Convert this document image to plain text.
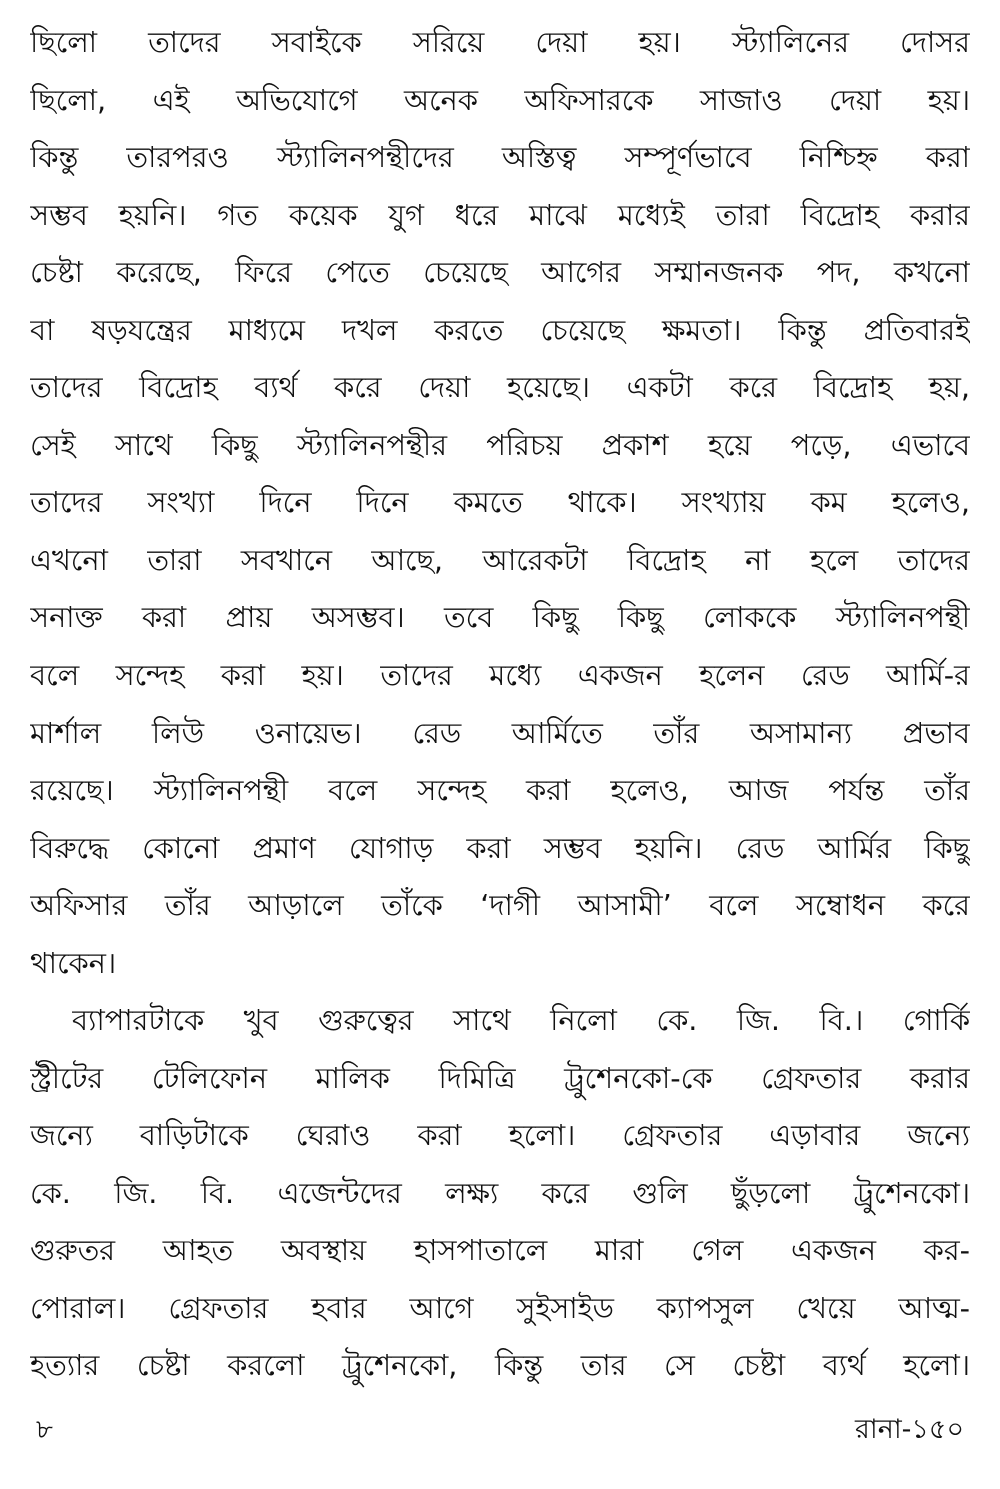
ছিলো তাদের সবাইকে সরিয়ে দেয়া হয়। স্ট্যালিনের দোসর
ছিলো, এই অভিযোগে অনেক অফিসারকে সাজাও দেয়া হয়।
কিন্তু তারপরও স্ট্যালিনপন্থীদের অস্তিত্ব সম্পূর্ণভাবে নিশ্চিহ্ন করা
সম্ভব হয়নি। গত কয়েক যুগ ধরে মাঝে মধ্যেই তারা বিদ্রোহ করার
চেষ্টা করেছে, ফিরে পেতে চেয়েছে আগের সম্মানজনক পদ, কখনো
বা ষড়যন্ত্রের মাধ্যমে দখল করতে চেয়েছে ক্ষমতা। কিন্তু প্রতিবারই
তাদের বিদ্রোহ ব্যর্থ করে দেয়া হয়েছে। একটা করে বিদ্রোহ হয়,
সেই সাথে কিছু স্ট্যালিনপন্থীর পরিচয় প্রকাশ হয়ে পড়ে, এভাবে
তাদের সংখ্যা দিনে দিনে কমতে থাকে। সংখ্যায় কম হলেও,
এখনো তারা সবখানে আছে, আরেকটা বিদ্রোহ না হলে তাদের
সনাক্ত করা প্রায় অসম্ভব। তবে কিছু কিছু লোককে স্ট্যালিনপন্থী
বলে সন্দেহ করা হয়। তাদের মধ্যে একজন হলেন রেড আর্মি-র
মার্শাল লিউ ওনায়েভ। রেড আর্মিতে তাঁর অসামান্য প্রভাব
রয়েছে। স্ট্যালিনপন্থী বলে সন্দেহ করা হলেও, আজ পর্যন্ত তাঁর
বিরুদ্ধে কোনো প্রমাণ যোগাড় করা সম্ভব হয়নি। রেড আর্মির কিছু
অফিসার তাঁর আড়ালে তাঁকে ‘দাগী আসামী’ বলে সম্বোধন করে
থাকেন।
ব্যাপারটাকে খুব গুরুত্বের সাথে নিলো কে. জি. বি.। গোর্কি
স্ট্রীটের টেলিফোন মালিক দিমিত্রি ট্রুশেনকো-কে গ্রেফতার করার
জন্যে বাড়িটাকে ঘেরাও করা হলো। গ্রেফতার এড়াবার জন্যে
কে. জি. বি. এজেন্টদের লক্ষ্য করে গুলি ছুঁড়লো ট্রুশেনকো।
গুরুতর আহত অবস্থায় হাসপাতালে মারা গেল একজন কর-
পোরাল। গ্রেফতার হবার আগে সুইসাইড ক্যাপসুল খেয়ে আত্ম-
হত্যার চেষ্টা করলো ট্রুশেনকো, কিন্তু তার সে চেষ্টা ব্যর্থ হলো।
৮	রানা-১৫০
